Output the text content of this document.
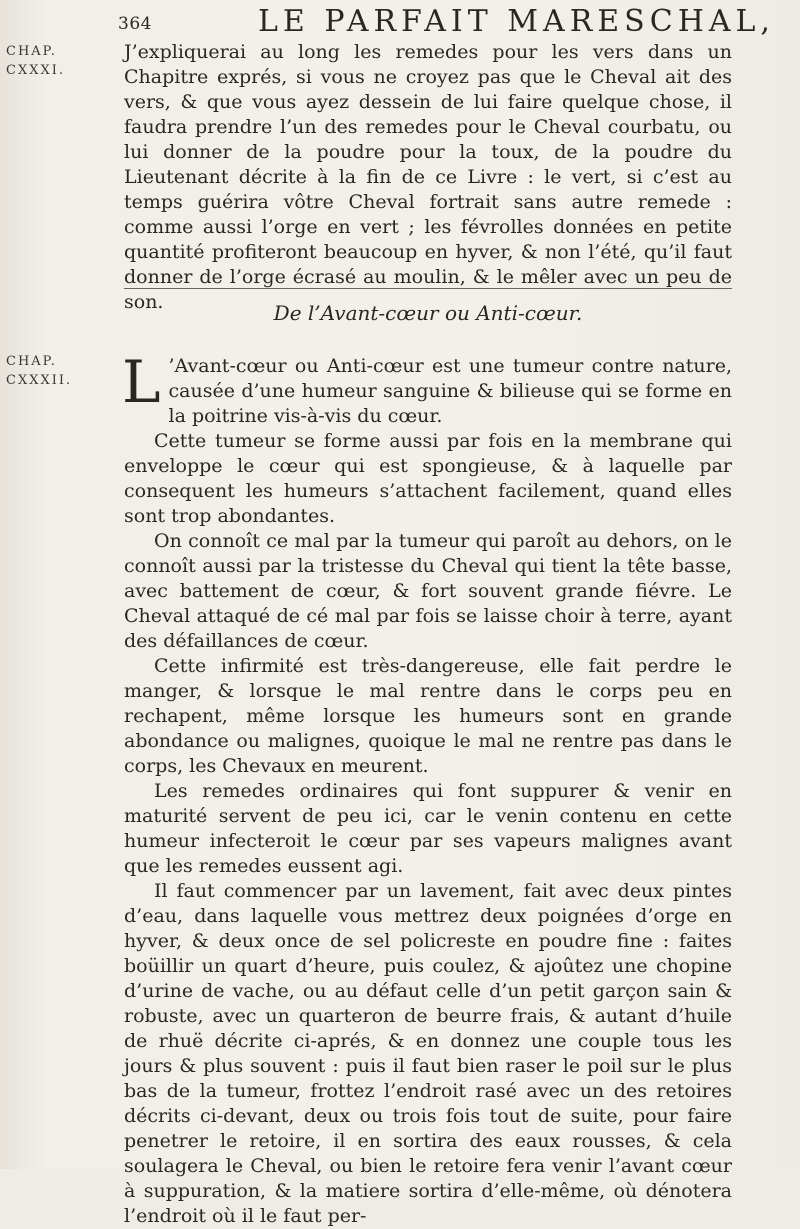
364	LE PARFAIT MARESCHAL,
CHAP.
CXXXI.

J’expliquerai au long les remedes pour les vers dans un Chapitre exprés, si vous ne croyez pas que le Cheval ait des vers, & que vous ayez dessein de lui faire quelque chose, il faudra prendre l’un des remedes pour le Cheval courbatu, ou lui donner de la poudre pour la toux, de la poudre du Lieutenant décrite à la fin de ce Livre : le vert, si c’est au temps guérira vôtre Cheval fortrait sans autre remede : comme aussi l’orge en vert ; les févrolles données en petite quantité profiteront beaucoup en hyver, & non l’été, qu’il faut donner de l’orge écrasé au moulin, & le mêler avec un peu de son.	De l’Avant-cœur ou Anti-cœur.
CHAP.
CXXXII. L ’Avant-cœur ou Anti-cœur est une tumeur contre nature, causée d’une humeur sanguine & bilieuse qui se forme en la poitrine vis-à-vis du cœur.

Cette tumeur se forme aussi par fois en la membrane qui enveloppe le cœur qui est spongieuse, & à laquelle par consequent les humeurs s’attachent facilement, quand elles sont trop abondantes.

On connoît ce mal par la tumeur qui paroît au dehors, on le connoît aussi par la tristesse du Cheval qui tient la tête basse, avec battement de cœur, & fort souvent grande fiévre. Le Cheval attaqué de cé mal par fois se laisse choir à terre, ayant des défaillances de cœur.

Cette infirmité est très-dangereuse, elle fait perdre le manger, & lorsque le mal rentre dans le corps peu en rechapent, même lorsque les humeurs sont en grande abondance ou malignes, quoique le mal ne rentre pas dans le corps, les Chevaux en meurent.

Les remedes ordinaires qui font suppurer & venir en maturité servent de peu ici, car le venin contenu en cette humeur infecteroit le cœur par ses vapeurs malignes avant que les remedes eussent agi.

Il faut commencer par un lavement, fait avec deux pintes d’eau, dans laquelle vous mettrez deux poignées d’orge en hyver, & deux once de sel policreste en poudre fine : faites boüillir un quart d’heure, puis coulez, & ajoûtez une chopine d’urine de vache, ou au défaut celle d’un petit garçon sain & robuste, avec un quarteron de beurre frais, & autant d’huile de rhuë décrite ci-aprés, & en donnez une couple tous les jours & plus souvent : puis il faut bien raser le poil sur le plus bas de la tumeur, frottez l’endroit rasé avec un des retoires décrits ci-devant, deux ou trois fois tout de suite, pour faire penetrer le retoire, il en sortira des eaux rousses, & cela soulagera le Cheval, ou bien le retoire fera venir l’avant cœur à suppuration, & la matiere sortira d’elle-même, où dénotera l’endroit où il le faut per-
